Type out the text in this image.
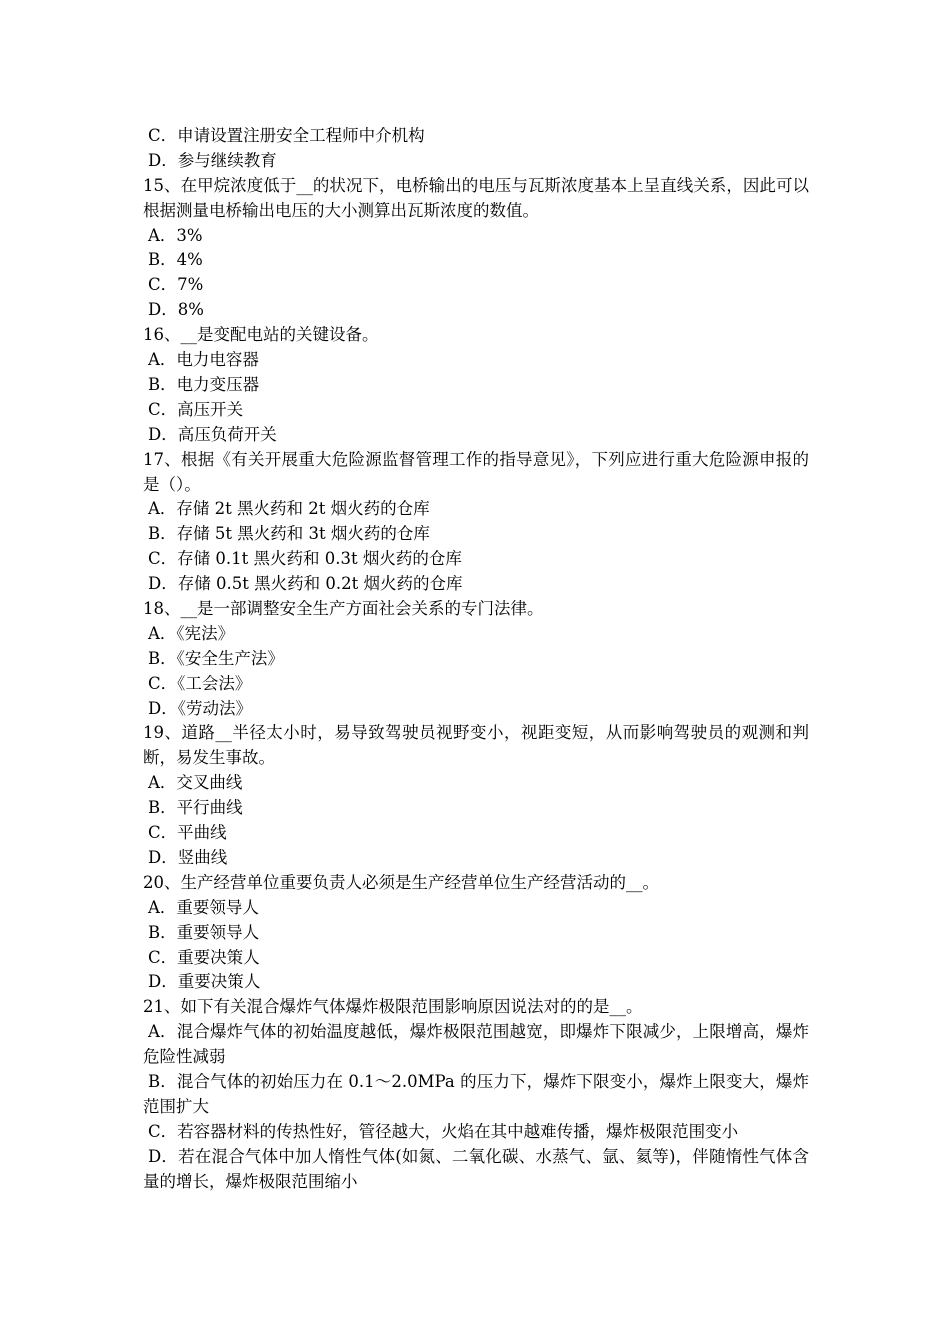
C．申请设置注册安全工程师中介机构
D．参与继续教育
15、在甲烷浓度低于__的状况下，电桥输出的电压与瓦斯浓度基本上呈直线关系，因此可以根据测量电桥输出电压的大小测算出瓦斯浓度的数值。
A．3%
B．4%
C．7%
D．8%
16、__是变配电站的关键设备。
A．电力电容器
B．电力变压器
C．高压开关
D．高压负荷开关
17、根据《有关开展重大危险源监督管理工作的指导意见》，下列应进行重大危险源申报的是（）。
A．存储 2t 黑火药和 2t 烟火药的仓库
B．存储 5t 黑火药和 3t 烟火药的仓库
C．存储 0.1t 黑火药和 0.3t 烟火药的仓库
D．存储 0.5t 黑火药和 0.2t 烟火药的仓库
18、__是一部调整安全生产方面社会关系的专门法律。
A．《宪法》
B．《安全生产法》
C．《工会法》
D．《劳动法》
19、道路__半径太小时，易导致驾驶员视野变小，视距变短，从而影响驾驶员的观测和判断，易发生事故。
A．交叉曲线
B．平行曲线
C．平曲线
D．竖曲线
20、生产经营单位重要负责人必须是生产经营单位生产经营活动的__。
A．重要领导人
B．重要领导人
C．重要决策人
D．重要决策人
21、如下有关混合爆炸气体爆炸极限范围影响原因说法对的的是__。
A．混合爆炸气体的初始温度越低，爆炸极限范围越宽，即爆炸下限减少，上限增高，爆炸危险性减弱
B．混合气体的初始压力在 0.1～2.0MPa 的压力下，爆炸下限变小，爆炸上限变大，爆炸范围扩大
C．若容器材料的传热性好，管径越大，火焰在其中越难传播，爆炸极限范围变小
D．若在混合气体中加人惰性气体(如氮、二氧化碳、水蒸气、氩、氦等)，伴随惰性气体含量的增长，爆炸极限范围缩小
